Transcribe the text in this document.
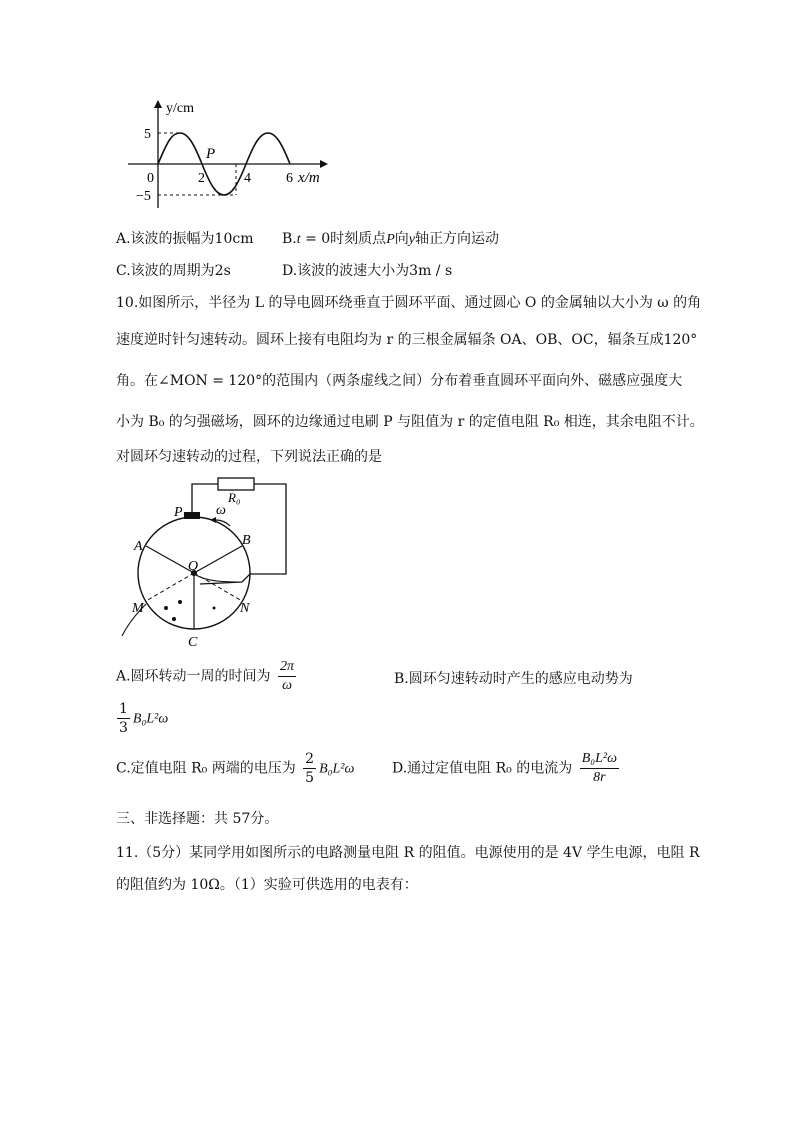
y/cm
x/m
5
−5
0	2	4	6
P
A.该波的振幅为10cm B.t = 0时刻质点P向y轴正方向运动
C.该波的周期为2s	D.该波的波速大小为3m / s
10.如图所示，半径为 L 的导电圆环绕垂直于圆环平面、通过圆心 O 的金属轴以大小为 ω 的角
速度逆时针匀速转动。圆环上接有电阻均为 r 的三根金属辐条 OA、OB、OC，辐条互成120°
角。在∠MON = 120°的范围内（两条虚线之间）分布着垂直圆环平面向外、磁感应强度大
小为 B₀ 的匀强磁场，圆环的边缘通过电刷 P 与阻值为 r 的定值电阻 R₀ 相连，其余电阻不计。
对圆环匀速转动的过程，下列说法正确的是
R₀
P ω
A	B
O
M	N
C
A.圆环转动一周的时间为 $\frac{2\pi}{\omega}$	B.圆环匀速转动时产生的感应电动势为
$\frac{1}{3} B_0L^2\omega$
C.定值电阻 R₀ 两端的电压为 $\frac{2}{5} B_0L^2\omega$	D.通过定值电阻 R₀ 的电流为 $\frac{\text{B₀L²ω}}{8r}$
三、非选择题：共 57分。
11.（5分）某同学用如图所示的电路测量电阻 R 的阻值。电源使用的是 4V 学生电源，电阻 R
的阻值约为 10Ω。（1）实验可供选用的电表有：
